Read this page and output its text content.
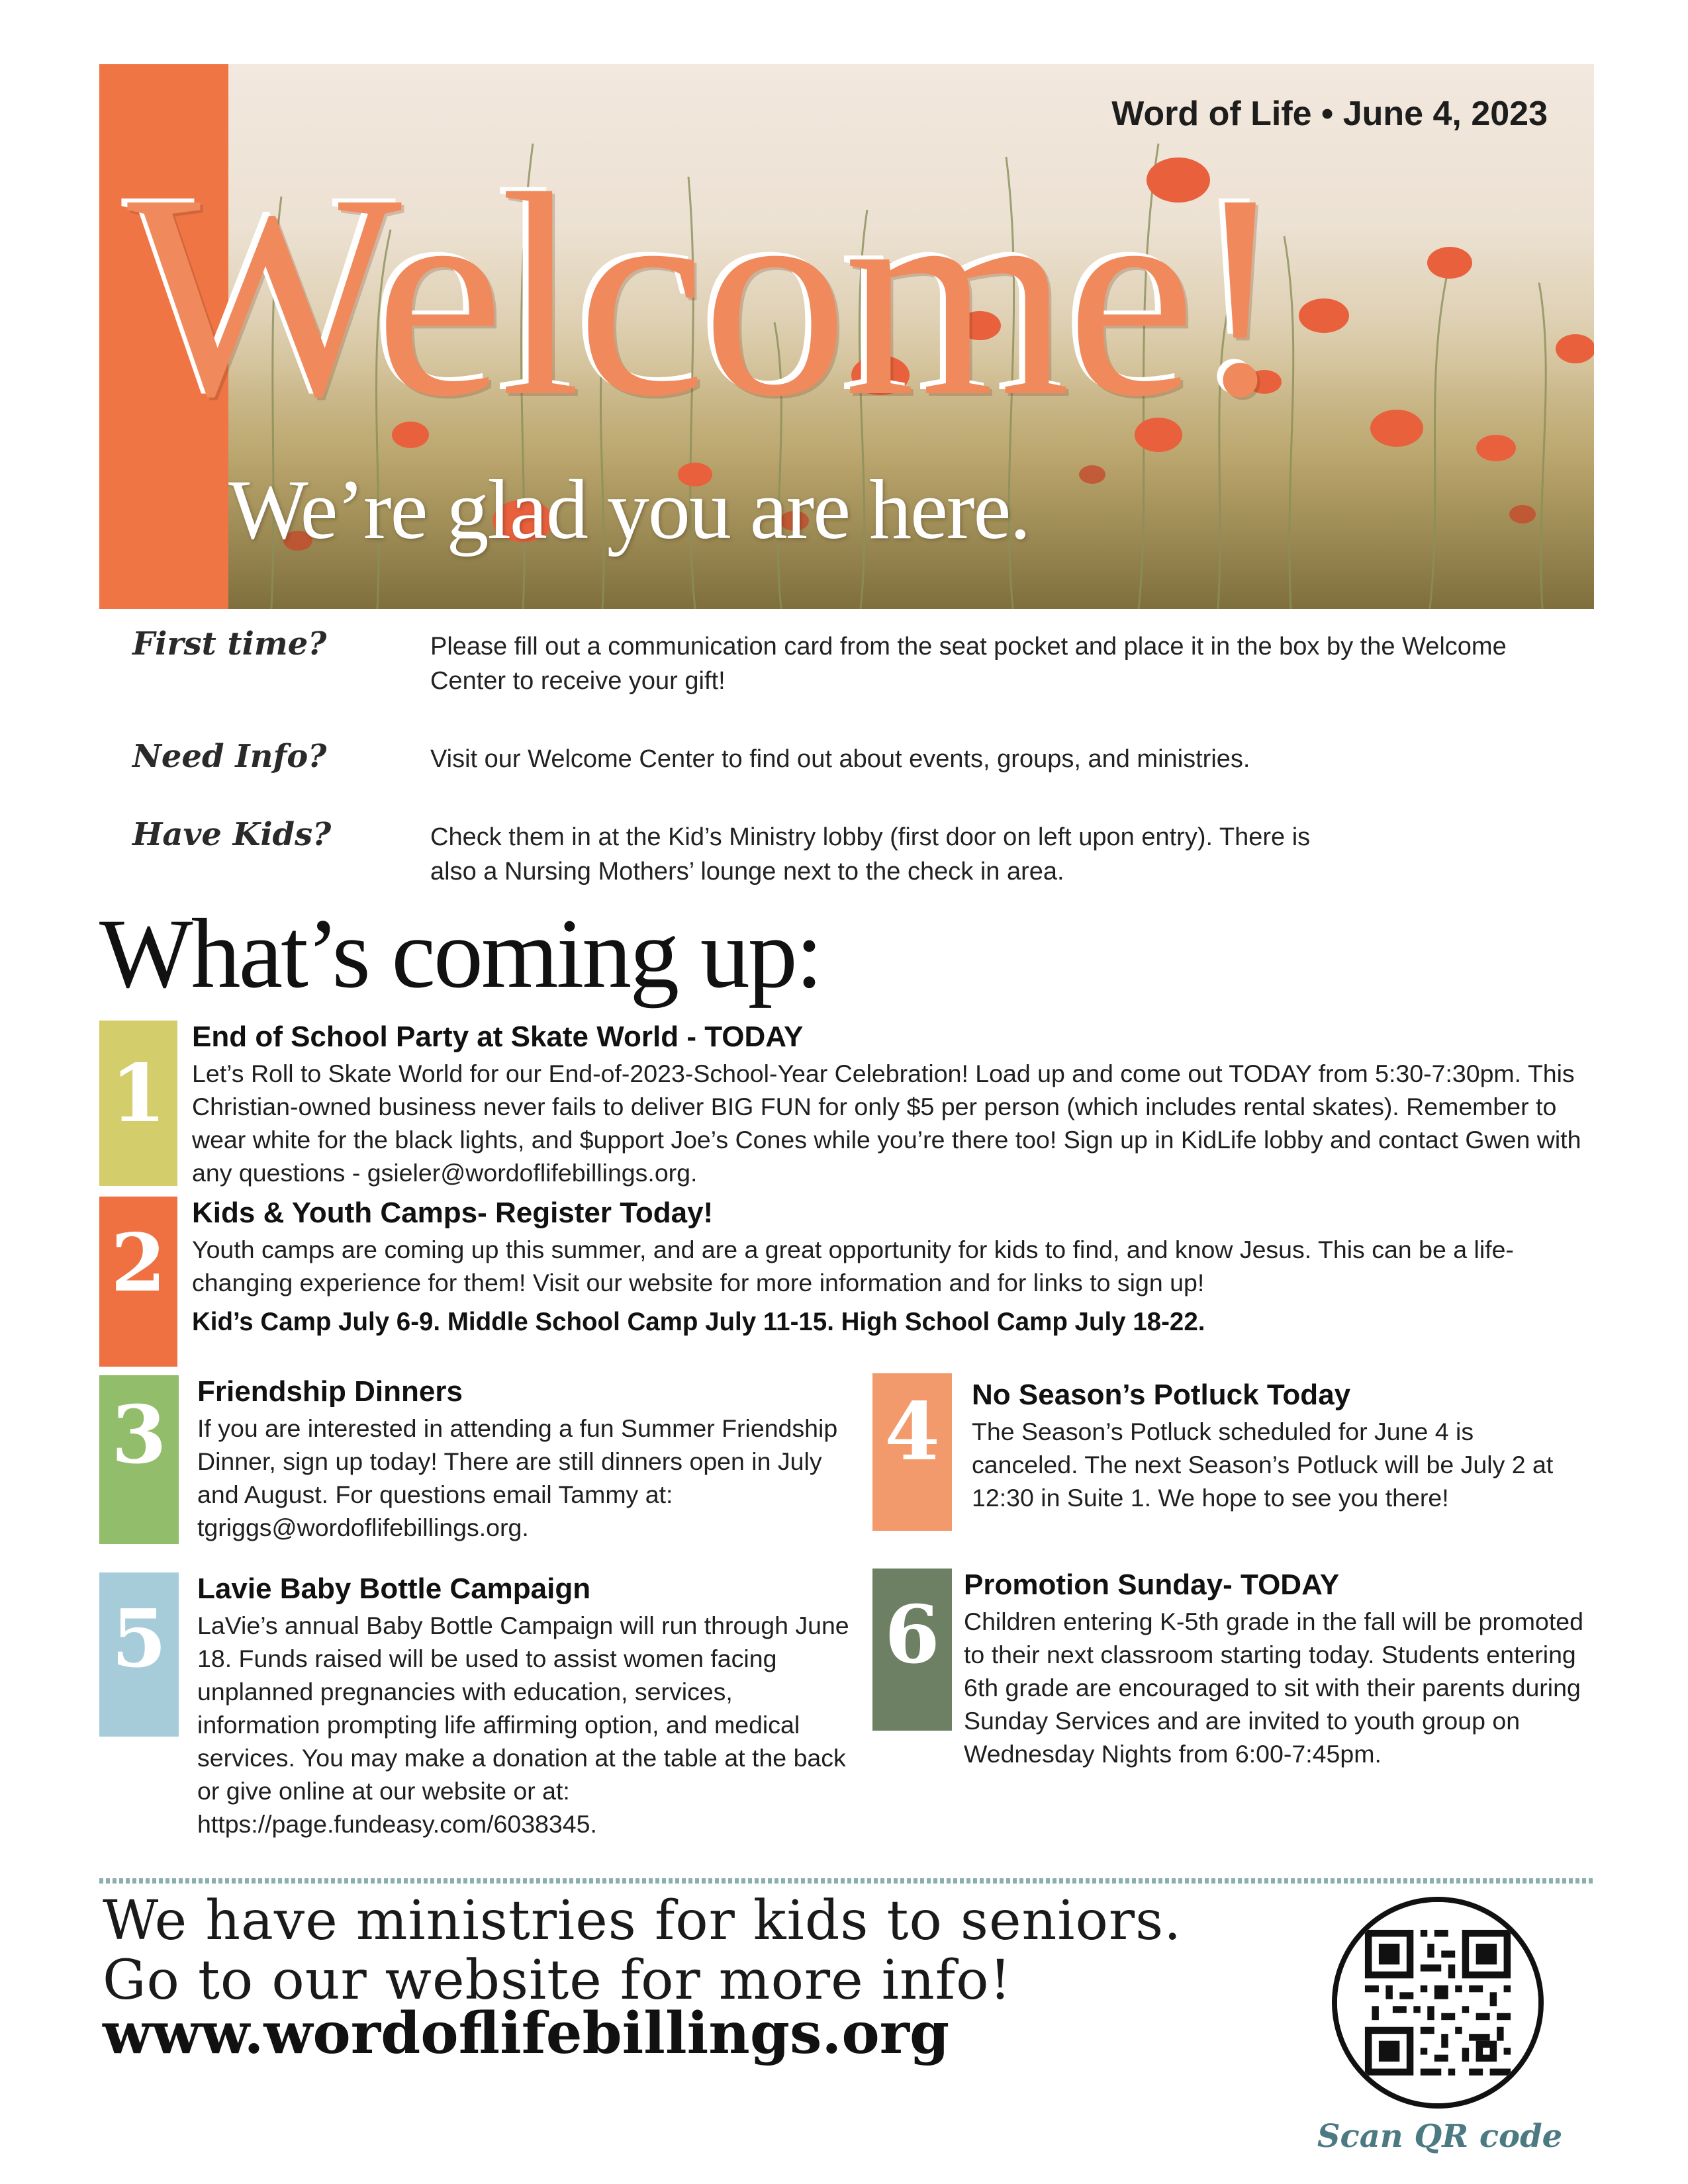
Word of Life • June 4, 2023
Welcome!
We’re glad you are here.
First time?	Please fill out a communication card from the seat pocket and place it in the box by the Welcome Center to receive your gift!
Need Info?	Visit our Welcome Center to find out about events, groups, and ministries.
Have Kids?	Check them in at the Kid’s Ministry lobby (first door on left upon entry). There is also a Nursing Mothers’ lounge next to the check in area.
What’s coming up:
1
End of School Party at Skate World - TODAY
Let’s Roll to Skate World for our End-of-2023-School-Year Celebration! Load up and come out TODAY from 5:30-7:30pm. This Christian-owned business never fails to deliver BIG FUN for only $5 per person (which includes rental skates). Remember to wear white for the black lights, and $upport Joe’s Cones while you’re there too! Sign up in KidLife lobby and contact Gwen with any questions - gsieler@wordoflifebillings.org.
2
Kids & Youth Camps- Register Today!
Youth camps are coming up this summer, and are a great opportunity for kids to find, and know Jesus. This can be a life-changing experience for them! Visit our website for more information and for links to sign up!
Kid’s Camp July 6-9. Middle School Camp July 11-15. High School Camp July 18-22.
3	Friendship Dinners
If you are interested in attending a fun Summer Friendship Dinner, sign up today! There are still dinners open in July and August. For questions email Tammy at: tgriggs@wordoflifebillings.org.
4	No Season’s Potluck Today
The Season’s Potluck scheduled for June 4 is canceled. The next Season’s Potluck will be July 2 at 12:30 in Suite 1. We hope to see you there!
5
Lavie Baby Bottle Campaign
LaVie’s annual Baby Bottle Campaign will run through June 18. Funds raised will be used to assist women facing unplanned pregnancies with education, services, information prompting life affirming option, and medical services. You may make a donation at the table at the back or give online at our website or at: https://page.fundeasy.com/6038345.
6
Promotion Sunday- TODAY
Children entering K-5th grade in the fall will be promoted to their next classroom starting today. Students entering 6th grade are encouraged to sit with their parents during Sunday Services and are invited to youth group on Wednesday Nights from 6:00-7:45pm.
We have ministries for kids to seniors.
Go to our website for more info!
www.wordoflifebillings.org
Scan QR code
